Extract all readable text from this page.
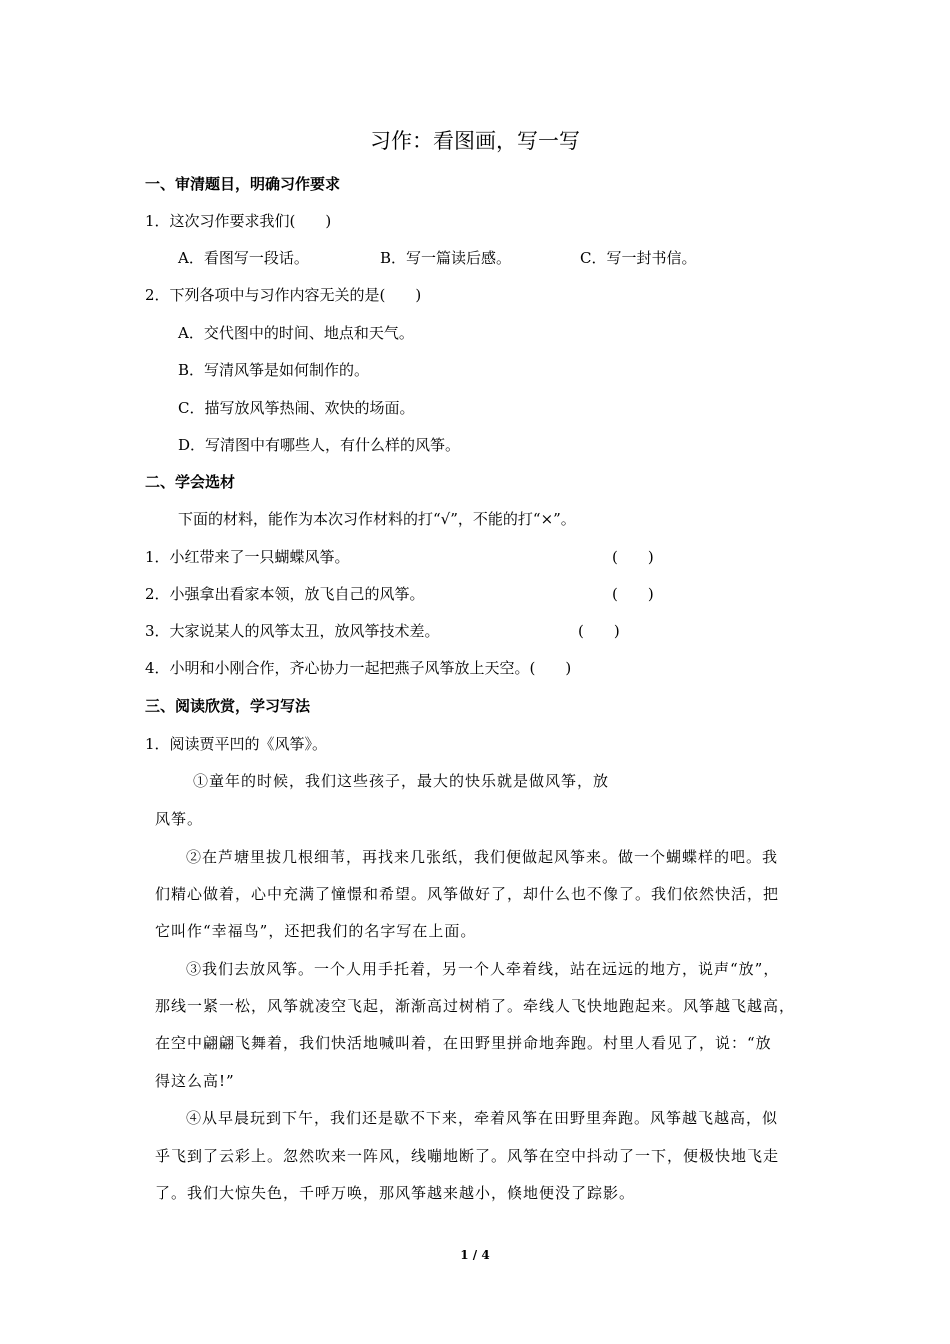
习作：看图画，写一写
一、审清题目，明确习作要求
1．这次习作要求我们(　　)
A．看图写一段话。	B．写一篇读后感。	C．写一封书信。
2．下列各项中与习作内容无关的是(　　)
A．交代图中的时间、地点和天气。
B．写清风筝是如何制作的。
C．描写放风筝热闹、欢快的场面。
D．写清图中有哪些人，有什么样的风筝。
二、学会选材
下面的材料，能作为本次习作材料的打“√”，不能的打“×”。
1．小红带来了一只蝴蝶风筝。	(　　)
2．小强拿出看家本领，放飞自己的风筝。	(　　)
3．大家说某人的风筝太丑，放风筝技术差。	(　　)
4．小明和小刚合作，齐心协力一起把燕子风筝放上天空。(　　)
三、阅读欣赏，学习写法
1．阅读贾平凹的《风筝》。
①童年的时候，我们这些孩子，最大的快乐就是做风筝，放
风筝。
②在芦塘里拔几根细苇，再找来几张纸，我们便做起风筝来。做一个蝴蝶样的吧。我
们精心做着，心中充满了憧憬和希望。风筝做好了，却什么也不像了。我们依然快活，把
它叫作“幸福鸟”，还把我们的名字写在上面。
③我们去放风筝。一个人用手托着，另一个人牵着线，站在远远的地方，说声“放”，
那线一紧一松，风筝就凌空飞起，渐渐高过树梢了。牵线人飞快地跑起来。风筝越飞越高，
在空中翩翩飞舞着，我们快活地喊叫着，在田野里拼命地奔跑。村里人看见了，说：“放
得这么高!”
④从早晨玩到下午，我们还是歇不下来，牵着风筝在田野里奔跑。风筝越飞越高，似
乎飞到了云彩上。忽然吹来一阵风，线嘣地断了。风筝在空中抖动了一下，便极快地飞走
了。我们大惊失色，千呼万唤，那风筝越来越小，倏地便没了踪影。
1 / 4
